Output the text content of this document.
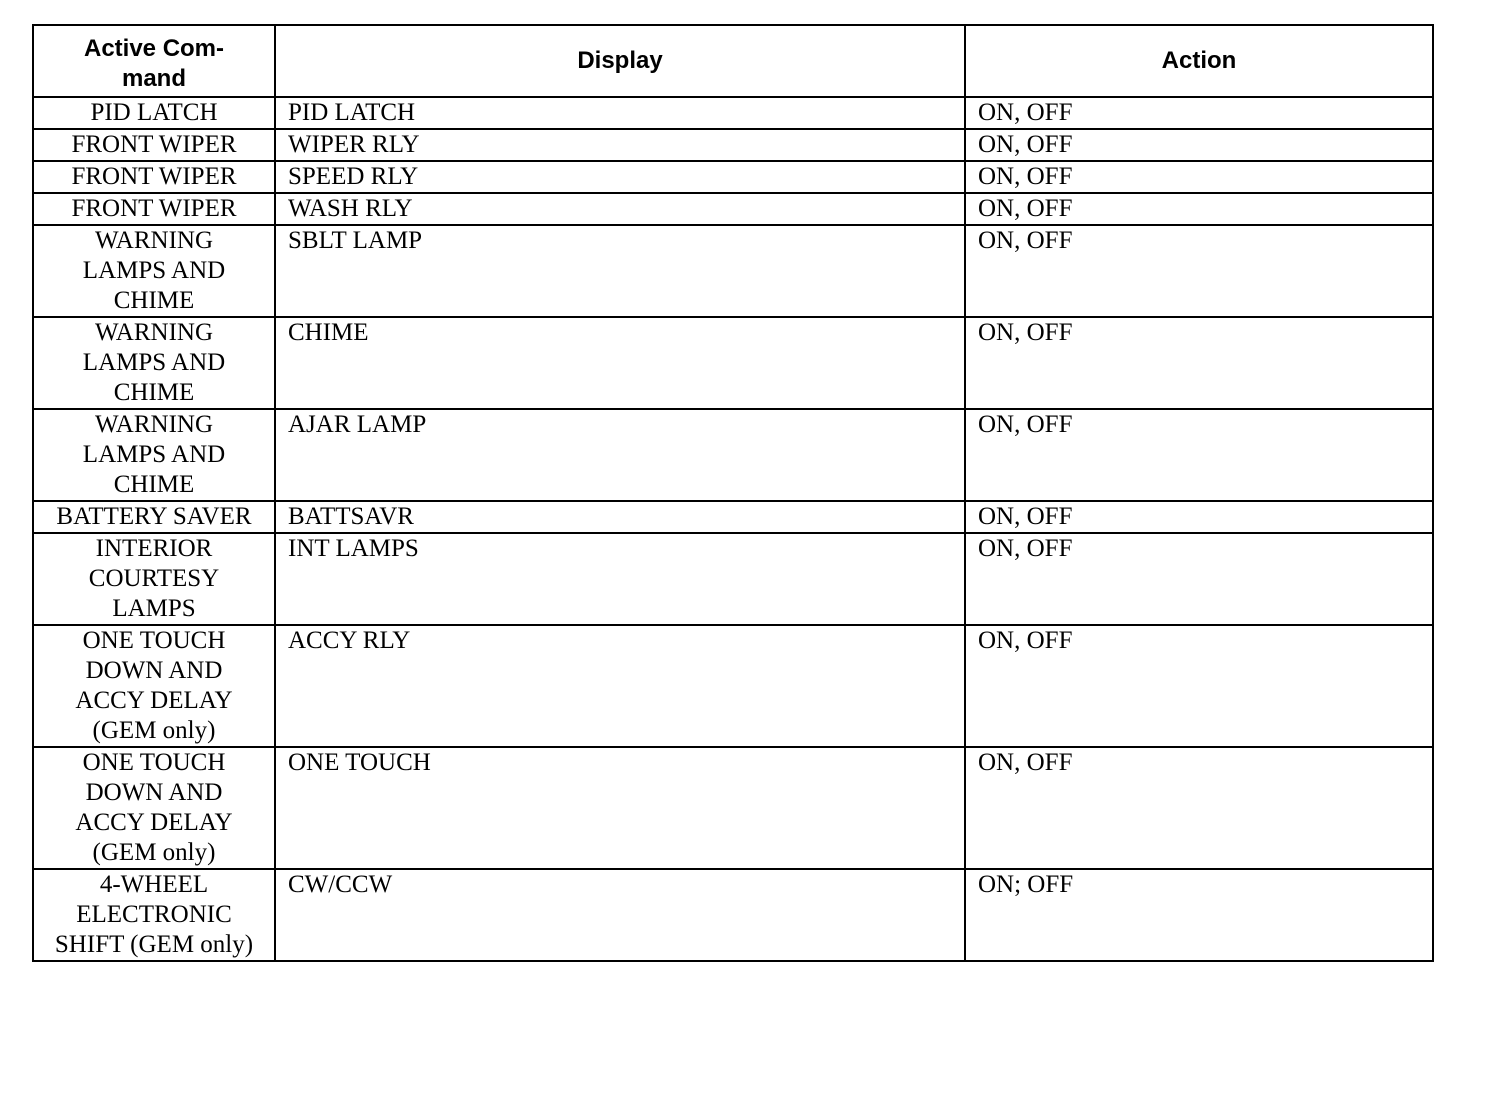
Active Com-
mand	Display	Action

PID LATCH	PID LATCH	ON, OFF

FRONT WIPER	WIPER RLY	ON, OFF

FRONT WIPER	SPEED RLY	ON, OFF

FRONT WIPER	WASH RLY	ON, OFF

WARNING
LAMPS AND
CHIME	SBLT LAMP	ON, OFF

WARNING
LAMPS AND
CHIME	CHIME	ON, OFF

WARNING
LAMPS AND
CHIME	AJAR LAMP	ON, OFF

BATTERY SAVER	BATTSAVR	ON, OFF

INTERIOR
COURTESY
LAMPS	INT LAMPS	ON, OFF

ONE TOUCH
DOWN AND
ACCY DELAY
(GEM only)	ACCY RLY	ON, OFF

ONE TOUCH
DOWN AND
ACCY DELAY
(GEM only)	ONE TOUCH	ON, OFF

4-WHEEL
ELECTRONIC
SHIFT (GEM only)	CW/CCW	ON; OFF
